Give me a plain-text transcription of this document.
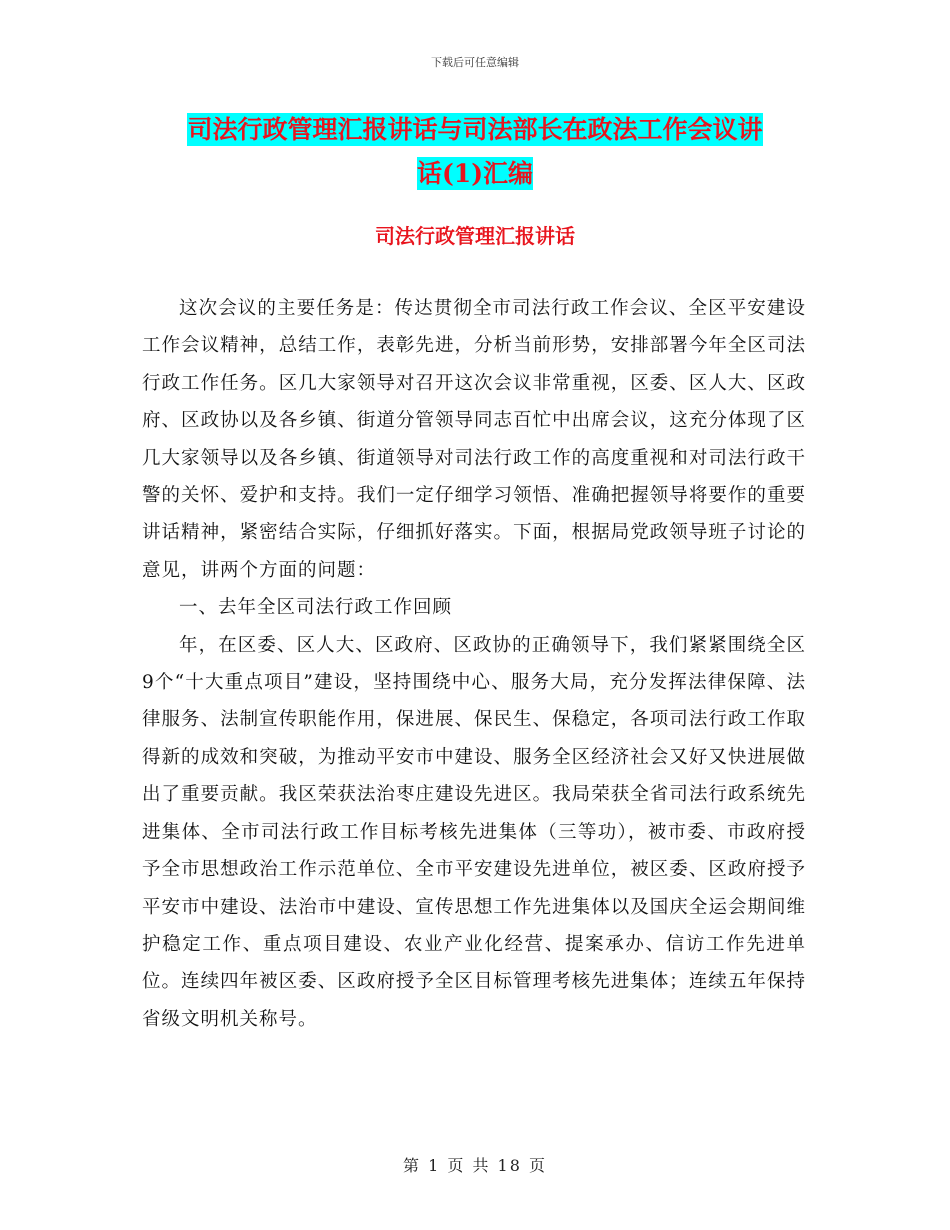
下载后可任意编辑
司法行政管理汇报讲话与司法部长在政法工作会议讲
话(1)汇编
司法行政管理汇报讲话

这次会议的主要任务是：传达贯彻全市司法行政工作会议、全区平安建设工作会议精神，总结工作，表彰先进，分析当前形势，安排部署今年全区司法行政工作任务。区几大家领导对召开这次会议非常重视，区委、区人大、区政府、区政协以及各乡镇、街道分管领导同志百忙中出席会议，这充分体现了区几大家领导以及各乡镇、街道领导对司法行政工作的高度重视和对司法行政干警的关怀、爱护和支持。我们一定仔细学习领悟、准确把握领导将要作的重要讲话精神，紧密结合实际，仔细抓好落实。下面，根据局党政领导班子讨论的意见，讲两个方面的问题：

一、去年全区司法行政工作回顾

年，在区委、区人大、区政府、区政协的正确领导下，我们紧紧围绕全区9个“十大重点项目”建设，坚持围绕中心、服务大局，充分发挥法律保障、法律服务、法制宣传职能作用，保进展、保民生、保稳定，各项司法行政工作取得新的成效和突破，为推动平安市中建设、服务全区经济社会又好又快进展做出了重要贡献。我区荣获法治枣庄建设先进区。我局荣获全省司法行政系统先进集体、全市司法行政工作目标考核先进集体（三等功），被市委、市政府授予全市思想政治工作示范单位、全市平安建设先进单位，被区委、区政府授予平安市中建设、法治市中建设、宣传思想工作先进集体以及国庆全运会期间维护稳定工作、重点项目建设、农业产业化经营、提案承办、信访工作先进单位。连续四年被区委、区政府授予全区目标管理考核先进集体；连续五年保持省级文明机关称号。

第 1 页 共 18 页
